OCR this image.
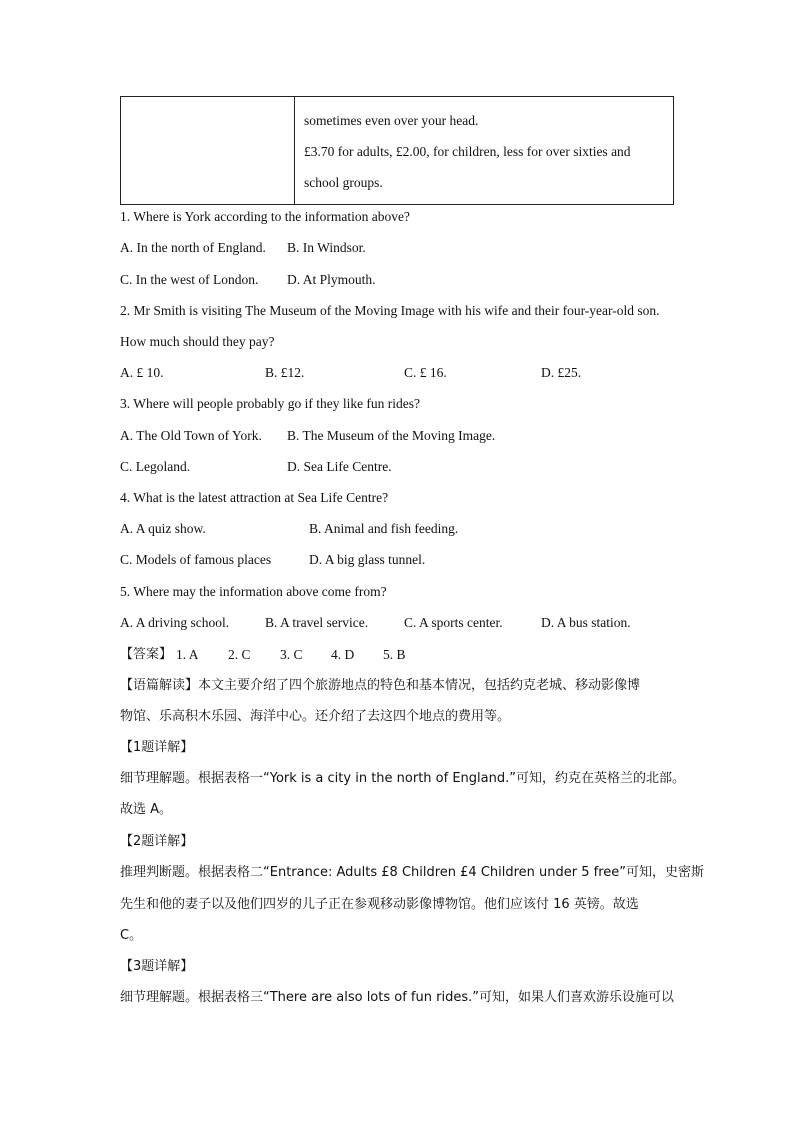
sometimes even over your head.
£3.70 for adults, £2.00, for children, less for over sixties and
school groups.
1. Where is York according to the information above?
A. In the north of England. B. In Windsor.
C. In the west of London. D. At Plymouth.
2. Mr Smith is visiting The Museum of the Moving Image with his wife and their four-year-old son.
How much should they pay?
A. £ 10.	B. £12.	C. £ 16.	D. £25.
3. Where will people probably go if they like fun rides?
A. The Old Town of York. B. The Museum of the Moving Image.
C. Legoland.	D. Sea Life Centre.
4. What is the latest attraction at Sea Life Centre?
A. A quiz show.	B. Animal and fish feeding.
C. Models of famous places	D. A big glass tunnel.
5. Where may the information above come from?
A. A driving school.	B. A travel service.	C. A sports center.	D. A bus station.
【答案】 1. A 2. C 3. C 4. D 5. B
【语篇解读】本文主要介绍了四个旅游地点的特色和基本情况，包括约克老城、移动影像博
物馆、乐高积木乐园、海洋中心。还介绍了去这四个地点的费用等。
【1题详解】
细节理解题。根据表格一“York is a city in the north of England.”可知，约克在英格兰的北部。
故选 A。
【2题详解】
推理判断题。根据表格二“Entrance: Adults £8 Children £4 Children under 5 free”可知，史密斯
先生和他的妻子以及他们四岁的儿子正在参观移动影像博物馆。他们应该付 16 英镑。故选
C。
【3题详解】
细节理解题。根据表格三“There are also lots of fun rides.”可知，如果人们喜欢游乐设施可以
